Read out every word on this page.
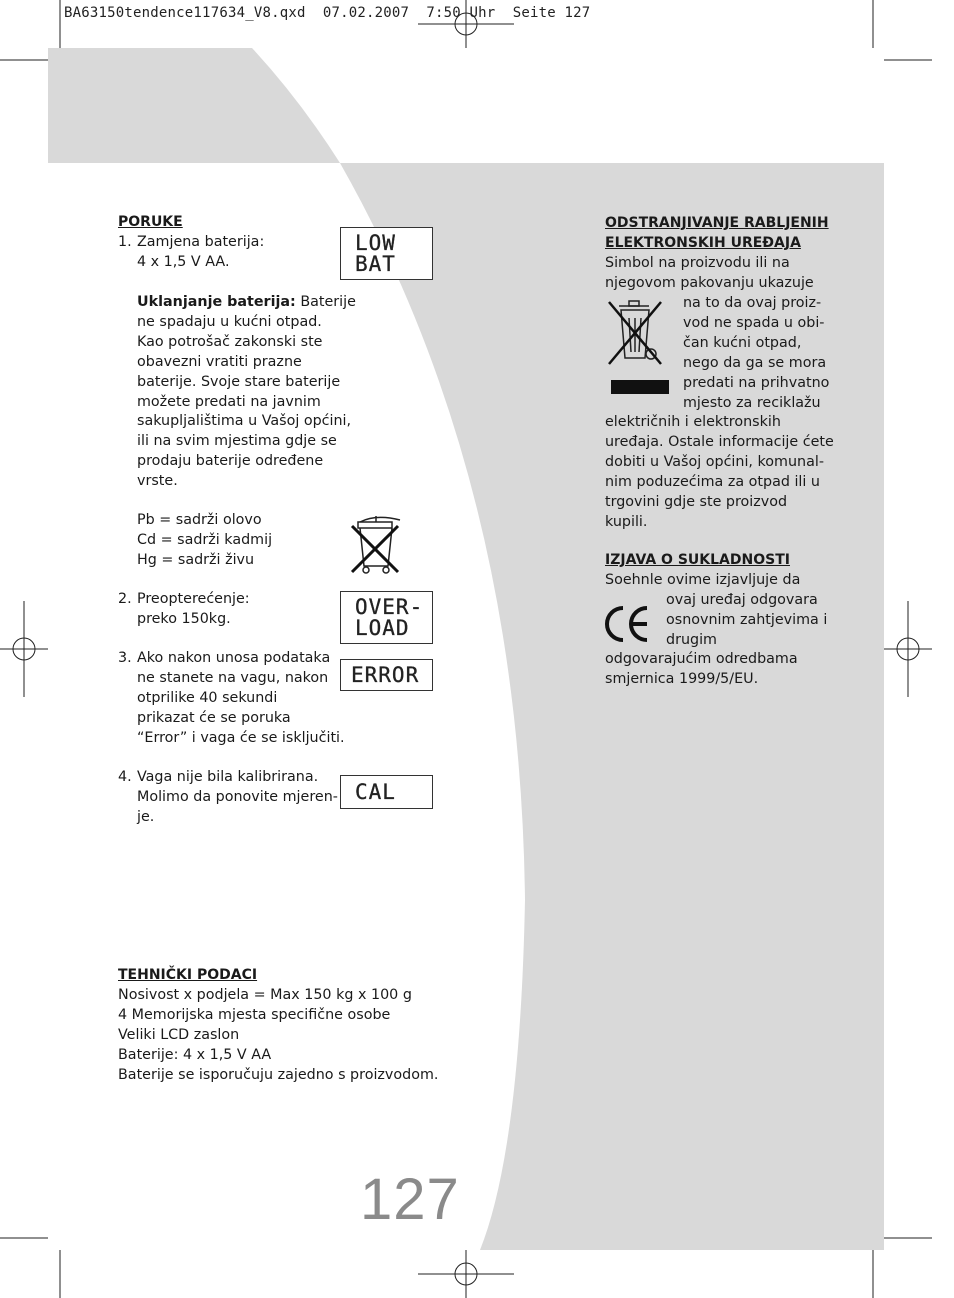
BA63150tendence117634_V8.qxd  07.02.2007  7:50 Uhr  Seite 127
PORUKE
1. Zamjena baterija:
4 x 1,5 V AA.
Uklanjanje baterija: Baterije
ne spadaju u kućni otpad.
Kao potrošač zakonski ste
obavezni vratiti prazne
baterije. Svoje stare baterije
možete predati na javnim
sakupljalištima u Vašoj općini,
ili na svim mjestima gdje se
prodaju baterije određene
vrste.
Pb = sadrži olovo
Cd = sadrži kadmij
Hg = sadrži živu
2. Preopterećenje:
preko 150kg.
3. Ako nakon unosa podataka
ne stanete na vagu, nakon
otprilike 40 sekundi
prikazat će se poruka
“Error” i vaga će se isključiti.
4. Vaga nije bila kalibrirana.
Molimo da ponovite mjeren-
je.
LOW
BAT
OVER-
LOAD
ERROR
CAL
TEHNIČKI PODACI
Nosivost x podjela = Max 150 kg x 100 g
4 Memorijska mjesta specifične osobe
Veliki LCD zaslon
Baterije: 4 x 1,5 V AA
Baterije se isporučuju zajedno s proizvodom.
ODSTRANJIVANJE RABLJENIH
ELEKTRONSKIH UREĐAJA
Simbol na proizvodu ili na
njegovom pakovanju ukazuje
na to da ovaj proiz-
vod ne spada u obi-
čan kućni otpad,
nego da ga se mora
predati na prihvatno
mjesto za reciklažu
električnih i elektronskih
uređaja. Ostale informacije ćete
dobiti u Vašoj općini, komunal-
nim poduzećima za otpad ili u
trgovini gdje ste proizvod
kupili.
IZJAVA O SUKLADNOSTI
Soehnle ovime izjavljuje da
ovaj uređaj odgovara
osnovnim zahtjevima i
drugim
odgovarajućim odredbama
smjernica 1999/5/EU.
127
